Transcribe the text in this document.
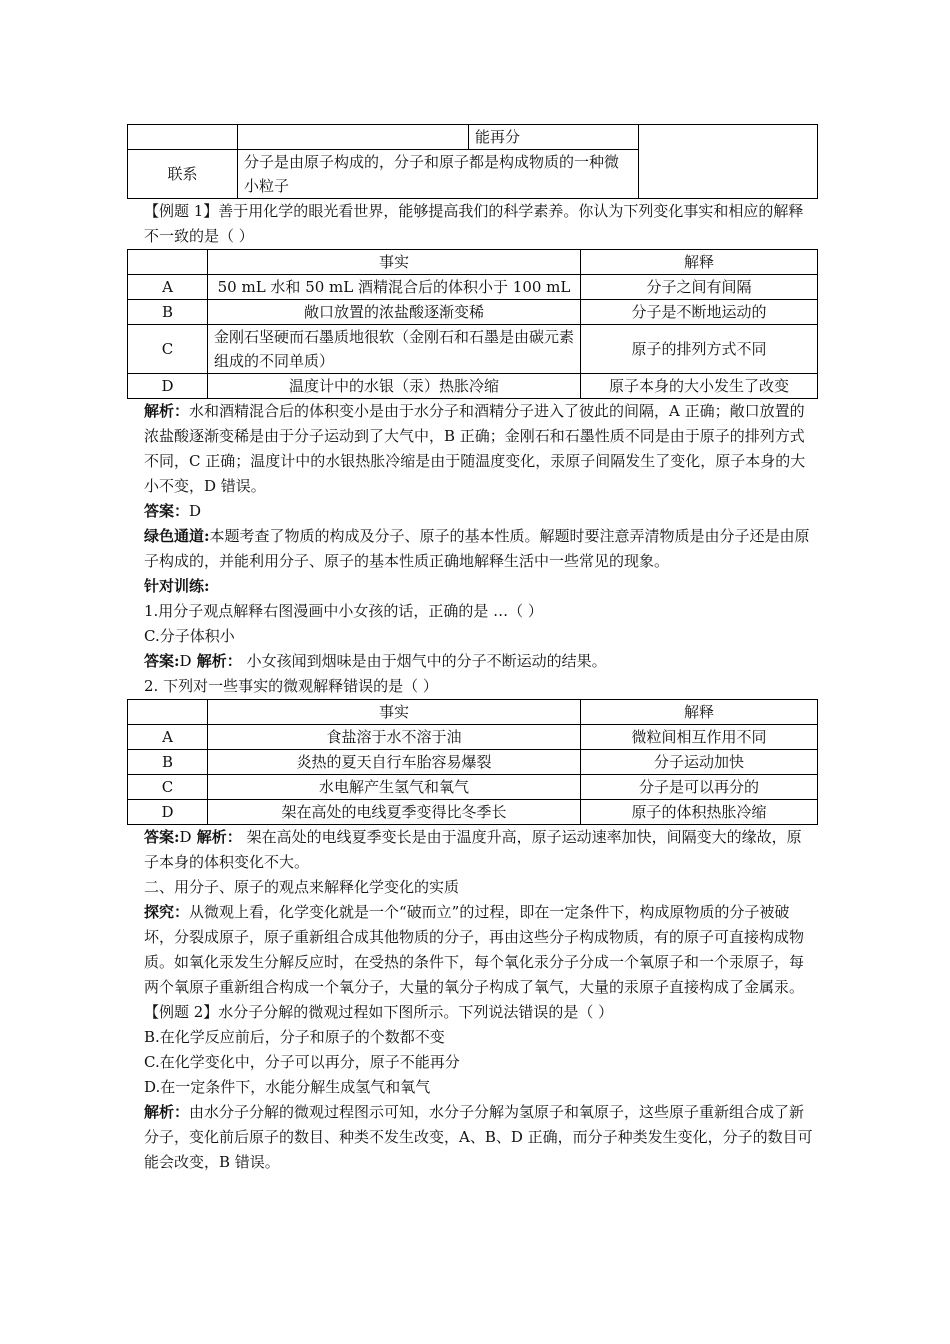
		能再分	
联系	分子是由原子构成的，分子和原子都是构成物质的一种微小粒子		

【例题 1】善于用化学的眼光看世界，能够提高我们的科学素养。你认为下列变化事实和相应的解释不一致的是（ ）

	事实	解释
A	50 mL 水和 50 mL 酒精混合后的体积小于 100 mL	分子之间有间隔
B	敞口放置的浓盐酸逐渐变稀	分子是不断地运动的
C	金刚石坚硬而石墨质地很软（金刚石和石墨是由碳元素组成的不同单质）	原子的排列方式不同
D	温度计中的水银（汞）热胀冷缩	原子本身的大小发生了改变

解析：水和酒精混合后的体积变小是由于水分子和酒精分子进入了彼此的间隔，A 正确；敞口放置的浓盐酸逐渐变稀是由于分子运动到了大气中，B 正确；金刚石和石墨性质不同是由于原子的排列方式不同，C 正确；温度计中的水银热胀冷缩是由于随温度变化，汞原子间隔发生了变化，原子本身的大小不变，D 错误。

答案：D

绿色通道:本题考查了物质的构成及分子、原子的基本性质。解题时要注意弄清物质是由分子还是由原子构成的，并能利用分子、原子的基本性质正确地解释生活中一些常见的现象。

针对训练:

1.用分子观点解释右图漫画中小女孩的话，正确的是 …（ ）

C.分子体积小

答案:D 解析： 小女孩闻到烟味是由于烟气中的分子不断运动的结果。

2. 下列对一些事实的微观解释错误的是（ ）

	事实	解释
A	食盐溶于水不溶于油	微粒间相互作用不同
B	炎热的夏天自行车胎容易爆裂	分子运动加快
C	水电解产生氢气和氧气	分子是可以再分的
D	架在高处的电线夏季变得比冬季长	原子的体积热胀冷缩

答案:D 解析： 架在高处的电线夏季变长是由于温度升高，原子运动速率加快，间隔变大的缘故，原子本身的体积变化不大。

二、用分子、原子的观点来解释化学变化的实质

探究：从微观上看，化学变化就是一个“破而立”的过程，即在一定条件下，构成原物质的分子被破坏，分裂成原子，原子重新组合成其他物质的分子，再由这些分子构成物质，有的原子可直接构成物质。如氧化汞发生分解反应时，在受热的条件下，每个氧化汞分子分成一个氧原子和一个汞原子，每两个氧原子重新组合构成一个氧分子，大量的氧分子构成了氧气，大量的汞原子直接构成了金属汞。

【例题 2】水分子分解的微观过程如下图所示。下列说法错误的是（ ）

B.在化学反应前后，分子和原子的个数都不变

C.在化学变化中，分子可以再分，原子不能再分

D.在一定条件下，水能分解生成氢气和氧气

解析：由水分子分解的微观过程图示可知，水分子分解为氢原子和氧原子，这些原子重新组合成了新分子，变化前后原子的数目、种类不发生改变，A、B、D 正确，而分子种类发生变化，分子的数目可能会改变，B 错误。
